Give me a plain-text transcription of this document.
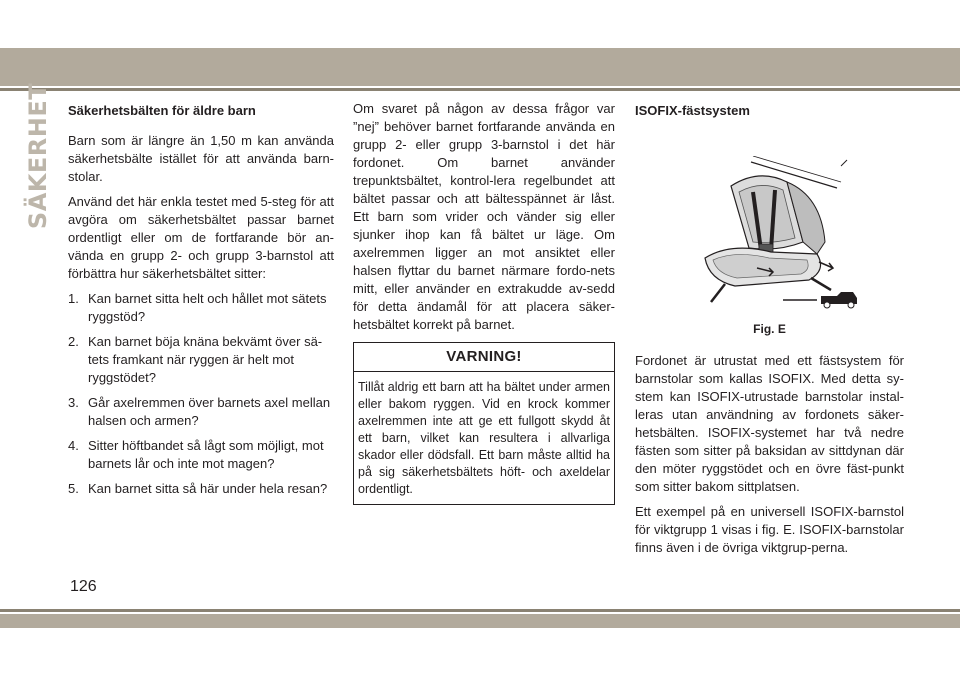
SÄKERHET Säkerhetsbälten för äldre barn

Barn som är längre än 1,50 m kan använda säkerhetsbälte istället för att använda barn-stolar.

Använd det här enkla testet med 5-steg för att avgöra om säkerhetsbältet passar barnet ordentligt eller om de fortfarande bör an-vända en grupp 2- och grupp 3-barnstol att förbättra hur säkerhetsbältet sitter:

1. Kan barnet sitta helt och hållet mot sätets ryggstöd?
2. Kan barnet böja knäna bekvämt över sä-tets framkant när ryggen är helt mot ryggstödet?
3. Går axelremmen över barnets axel mellan halsen och armen?
4. Sitter höftbandet så lågt som möjligt, mot barnets lår och inte mot magen?
5. Kan barnet sitta så här under hela resan?

Om svaret på någon av dessa frågor var ”nej” behöver barnet fortfarande använda en grupp 2- eller grupp 3-barnstol i det här fordonet. Om barnet använder trepunktsbältet, kontrol-lera regelbundet att bältet passar och att bältesspännet är låst. Ett barn som vrider och vänder sig eller sjunker ihop kan få bältet ur läge. Om axelremmen ligger an mot ansiktet eller halsen flyttar du barnet närmare fordo-nets mitt, eller använder en extrakudde av-sedd för detta ändamål för att placera säker-hetsbältet korrekt på barnet.

VARNING!
Tillåt aldrig ett barn att ha bältet under armen eller bakom ryggen. Vid en krock kommer axelremmen inte att ge ett fullgott skydd åt ett barn, vilket kan resultera i allvarliga skador eller dödsfall. Ett barn måste alltid ha på sig säkerhetsbältets höft- och axeldelar ordentligt.
ISOFIX-fästsystem
Fig. E

Fordonet är utrustat med ett fästsystem för barnstolar som kallas ISOFIX. Med detta sy-stem kan ISOFIX-utrustade barnstolar instal-leras utan användning av fordonets säker-hetsbälten. ISOFIX-systemet har två nedre fästen som sitter på baksidan av sittdynan där den möter ryggstödet och en övre fäst-punkt som sitter bakom sittplatsen.

Ett exempel på en universell ISOFIX-barnstol för viktgrupp 1 visas i fig. E. ISOFIX-barnstolar finns även i de övriga viktgrup-perna.

126
